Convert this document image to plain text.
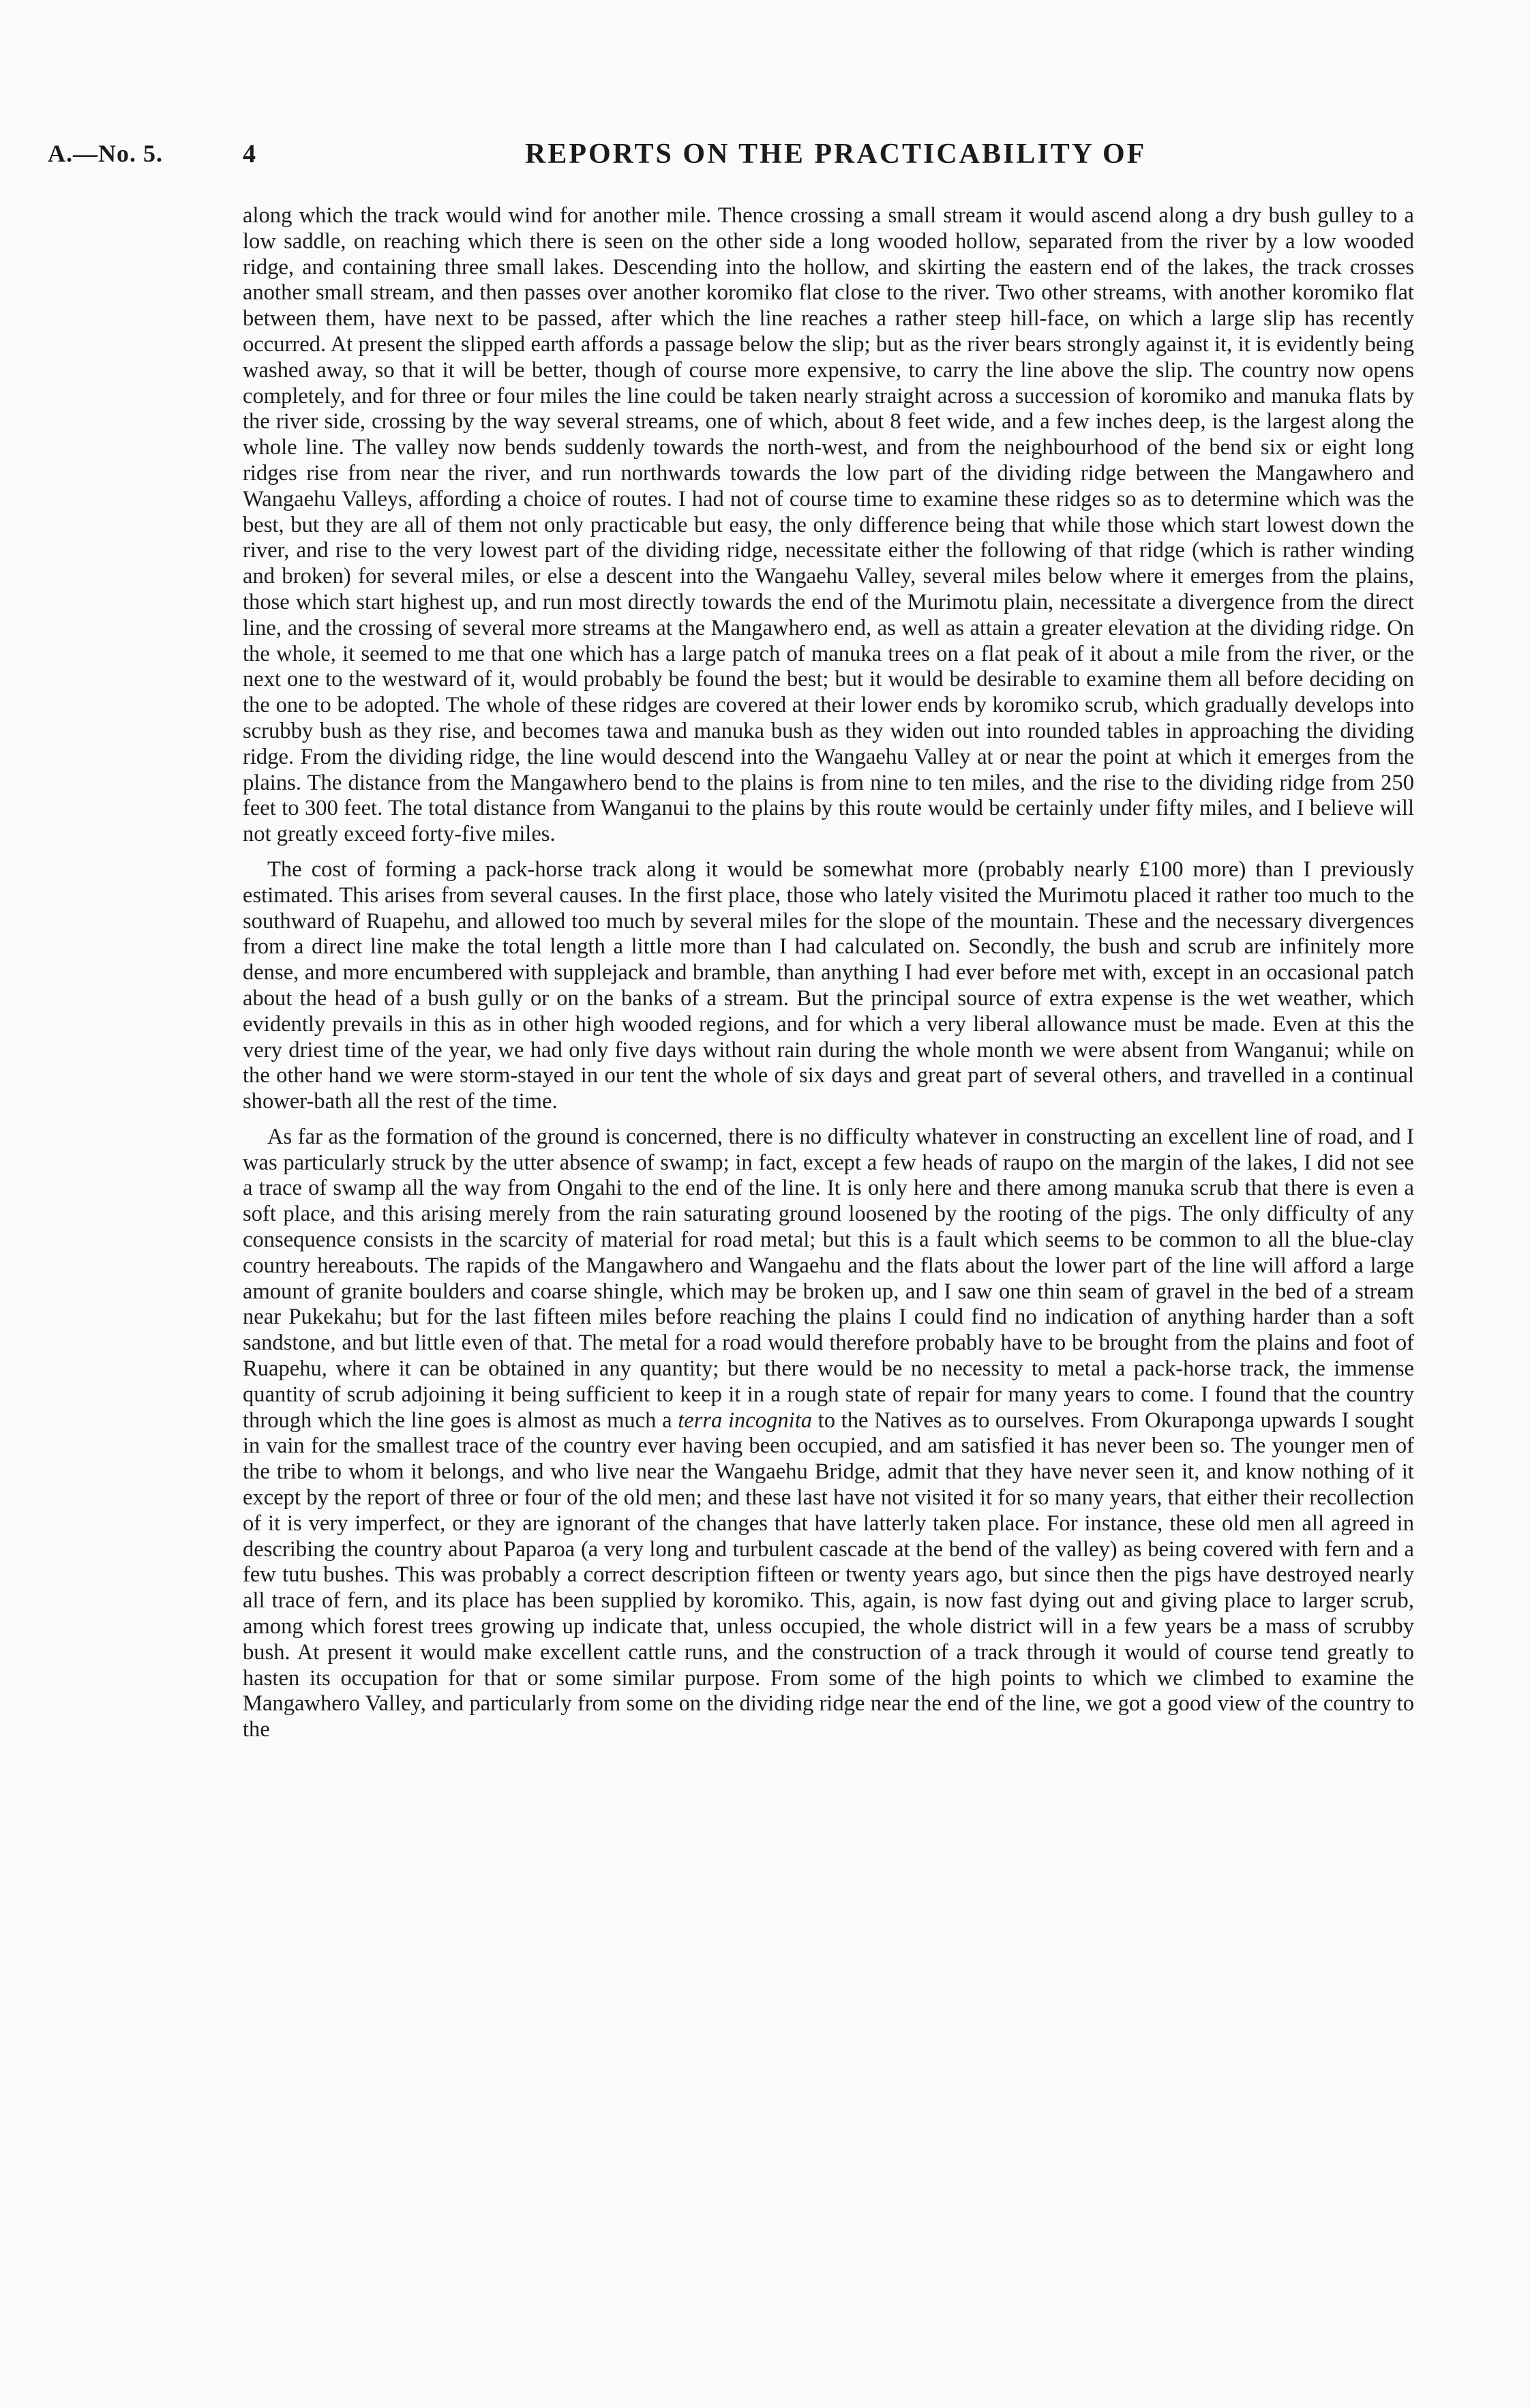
A.—No. 5.	4	REPORTS ON THE PRACTICABILITY OF

along which the track would wind for another mile. Thence crossing a small stream it would ascend along a dry bush gulley to a low saddle, on reaching which there is seen on the other side a long wooded hollow, separated from the river by a low wooded ridge, and containing three small lakes. Descending into the hollow, and skirting the eastern end of the lakes, the track crosses another small stream, and then passes over another koromiko flat close to the river. Two other streams, with another koromiko flat between them, have next to be passed, after which the line reaches a rather steep hill-face, on which a large slip has recently occurred. At present the slipped earth affords a passage below the slip; but as the river bears strongly against it, it is evidently being washed away, so that it will be better, though of course more expensive, to carry the line above the slip. The country now opens completely, and for three or four miles the line could be taken nearly straight across a succession of koromiko and manuka flats by the river side, crossing by the way several streams, one of which, about 8 feet wide, and a few inches deep, is the largest along the whole line. The valley now bends suddenly towards the north-west, and from the neighbourhood of the bend six or eight long ridges rise from near the river, and run northwards towards the low part of the dividing ridge between the Mangawhero and Wangaehu Valleys, affording a choice of routes. I had not of course time to examine these ridges so as to determine which was the best, but they are all of them not only practicable but easy, the only difference being that while those which start lowest down the river, and rise to the very lowest part of the dividing ridge, necessitate either the following of that ridge (which is rather winding and broken) for several miles, or else a descent into the Wangaehu Valley, several miles below where it emerges from the plains, those which start highest up, and run most directly towards the end of the Murimotu plain, necessitate a divergence from the direct line, and the crossing of several more streams at the Mangawhero end, as well as attain a greater elevation at the dividing ridge. On the whole, it seemed to me that one which has a large patch of manuka trees on a flat peak of it about a mile from the river, or the next one to the westward of it, would probably be found the best; but it would be desirable to examine them all before deciding on the one to be adopted. The whole of these ridges are covered at their lower ends by koromiko scrub, which gradually develops into scrubby bush as they rise, and becomes tawa and manuka bush as they widen out into rounded tables in approaching the dividing ridge. From the dividing ridge, the line would descend into the Wangaehu Valley at or near the point at which it emerges from the plains. The distance from the Mangawhero bend to the plains is from nine to ten miles, and the rise to the dividing ridge from 250 feet to 300 feet. The total distance from Wanganui to the plains by this route would be certainly under fifty miles, and I believe will not greatly exceed forty-five miles.

The cost of forming a pack-horse track along it would be somewhat more (probably nearly £100 more) than I previously estimated. This arises from several causes. In the first place, those who lately visited the Murimotu placed it rather too much to the southward of Ruapehu, and allowed too much by several miles for the slope of the mountain. These and the necessary divergences from a direct line make the total length a little more than I had calculated on. Secondly, the bush and scrub are infinitely more dense, and more encumbered with supplejack and bramble, than anything I had ever before met with, except in an occasional patch about the head of a bush gully or on the banks of a stream. But the principal source of extra expense is the wet weather, which evidently prevails in this as in other high wooded regions, and for which a very liberal allowance must be made. Even at this the very driest time of the year, we had only five days without rain during the whole month we were absent from Wanganui; while on the other hand we were storm-stayed in our tent the whole of six days and great part of several others, and travelled in a continual shower-bath all the rest of the time.

As far as the formation of the ground is concerned, there is no difficulty whatever in constructing an excellent line of road, and I was particularly struck by the utter absence of swamp; in fact, except a few heads of raupo on the margin of the lakes, I did not see a trace of swamp all the way from Ongahi to the end of the line. It is only here and there among manuka scrub that there is even a soft place, and this arising merely from the rain saturating ground loosened by the rooting of the pigs. The only difficulty of any consequence consists in the scarcity of material for road metal; but this is a fault which seems to be common to all the blue-clay country hereabouts. The rapids of the Mangawhero and Wangaehu and the flats about the lower part of the line will afford a large amount of granite boulders and coarse shingle, which may be broken up, and I saw one thin seam of gravel in the bed of a stream near Pukekahu; but for the last fifteen miles before reaching the plains I could find no indication of anything harder than a soft sandstone, and but little even of that. The metal for a road would therefore probably have to be brought from the plains and foot of Ruapehu, where it can be obtained in any quantity; but there would be no necessity to metal a pack-horse track, the immense quantity of scrub adjoining it being sufficient to keep it in a rough state of repair for many years to come. I found that the country through which the line goes is almost as much a terra incognita to the Natives as to ourselves. From Okuraponga upwards I sought in vain for the smallest trace of the country ever having been occupied, and am satisfied it has never been so. The younger men of the tribe to whom it belongs, and who live near the Wangaehu Bridge, admit that they have never seen it, and know nothing of it except by the report of three or four of the old men; and these last have not visited it for so many years, that either their recollection of it is very imperfect, or they are ignorant of the changes that have latterly taken place. For instance, these old men all agreed in describing the country about Paparoa (a very long and turbulent cascade at the bend of the valley) as being covered with fern and a few tutu bushes. This was probably a correct description fifteen or twenty years ago, but since then the pigs have destroyed nearly all trace of fern, and its place has been supplied by koromiko. This, again, is now fast dying out and giving place to larger scrub, among which forest trees growing up indicate that, unless occupied, the whole district will in a few years be a mass of scrubby bush. At present it would make excellent cattle runs, and the construction of a track through it would of course tend greatly to hasten its occupation for that or some similar purpose. From some of the high points to which we climbed to examine the Mangawhero Valley, and particularly from some on the dividing ridge near the end of the line, we got a good view of the country to the
